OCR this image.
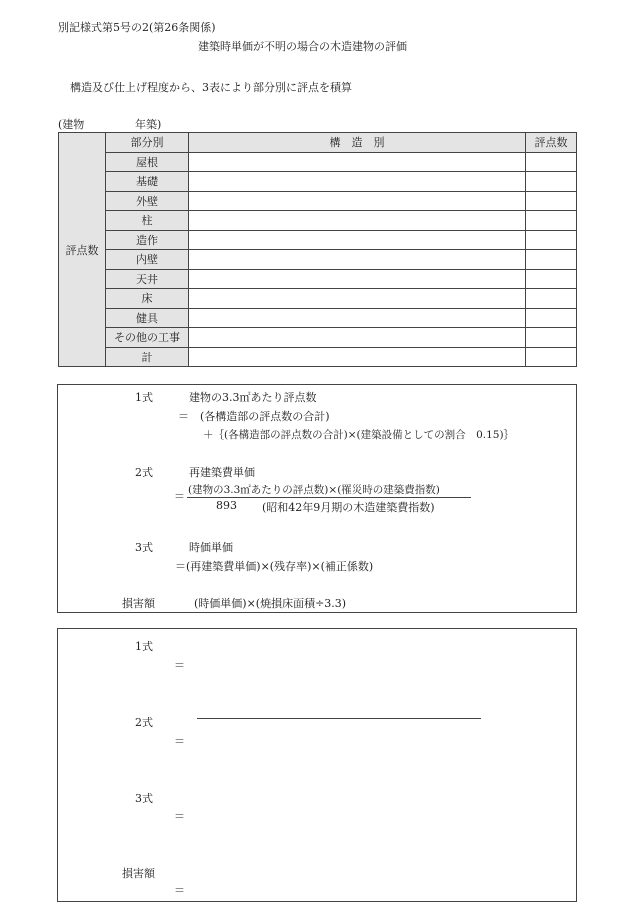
別記様式第5号の2(第26条関係)
建築時単価が不明の場合の木造建物の評価
構造及び仕上げ程度から、3表により部分別に評点を積算
(建物	年築)
評点数	部分別	構　造　別	評点数
	屋根		
	基礎		
	外壁		
	柱		
	造作		
	内壁		
	天井		
	床		
	健具		
	その他の工事		
	計		
1式	建物の3.3㎡あたり評点数
＝　(各構造部の評点数の合計)
＋｛(各構造部の評点数の合計)×(建築設備としての割合　0.15)｝
2式	再建築費単価
＝ (建物の3.3㎡あたりの評点数)×(罹災時の建築費指数)
893 (昭和42年9月期の木造建築費指数)
3式	時価単価
＝(再建築費単価)×(残存率)×(補正係数)
損害額	(時価単価)×(焼損床面積÷3.3)
1式
＝
2式
＝
3式
＝
損害額
＝
